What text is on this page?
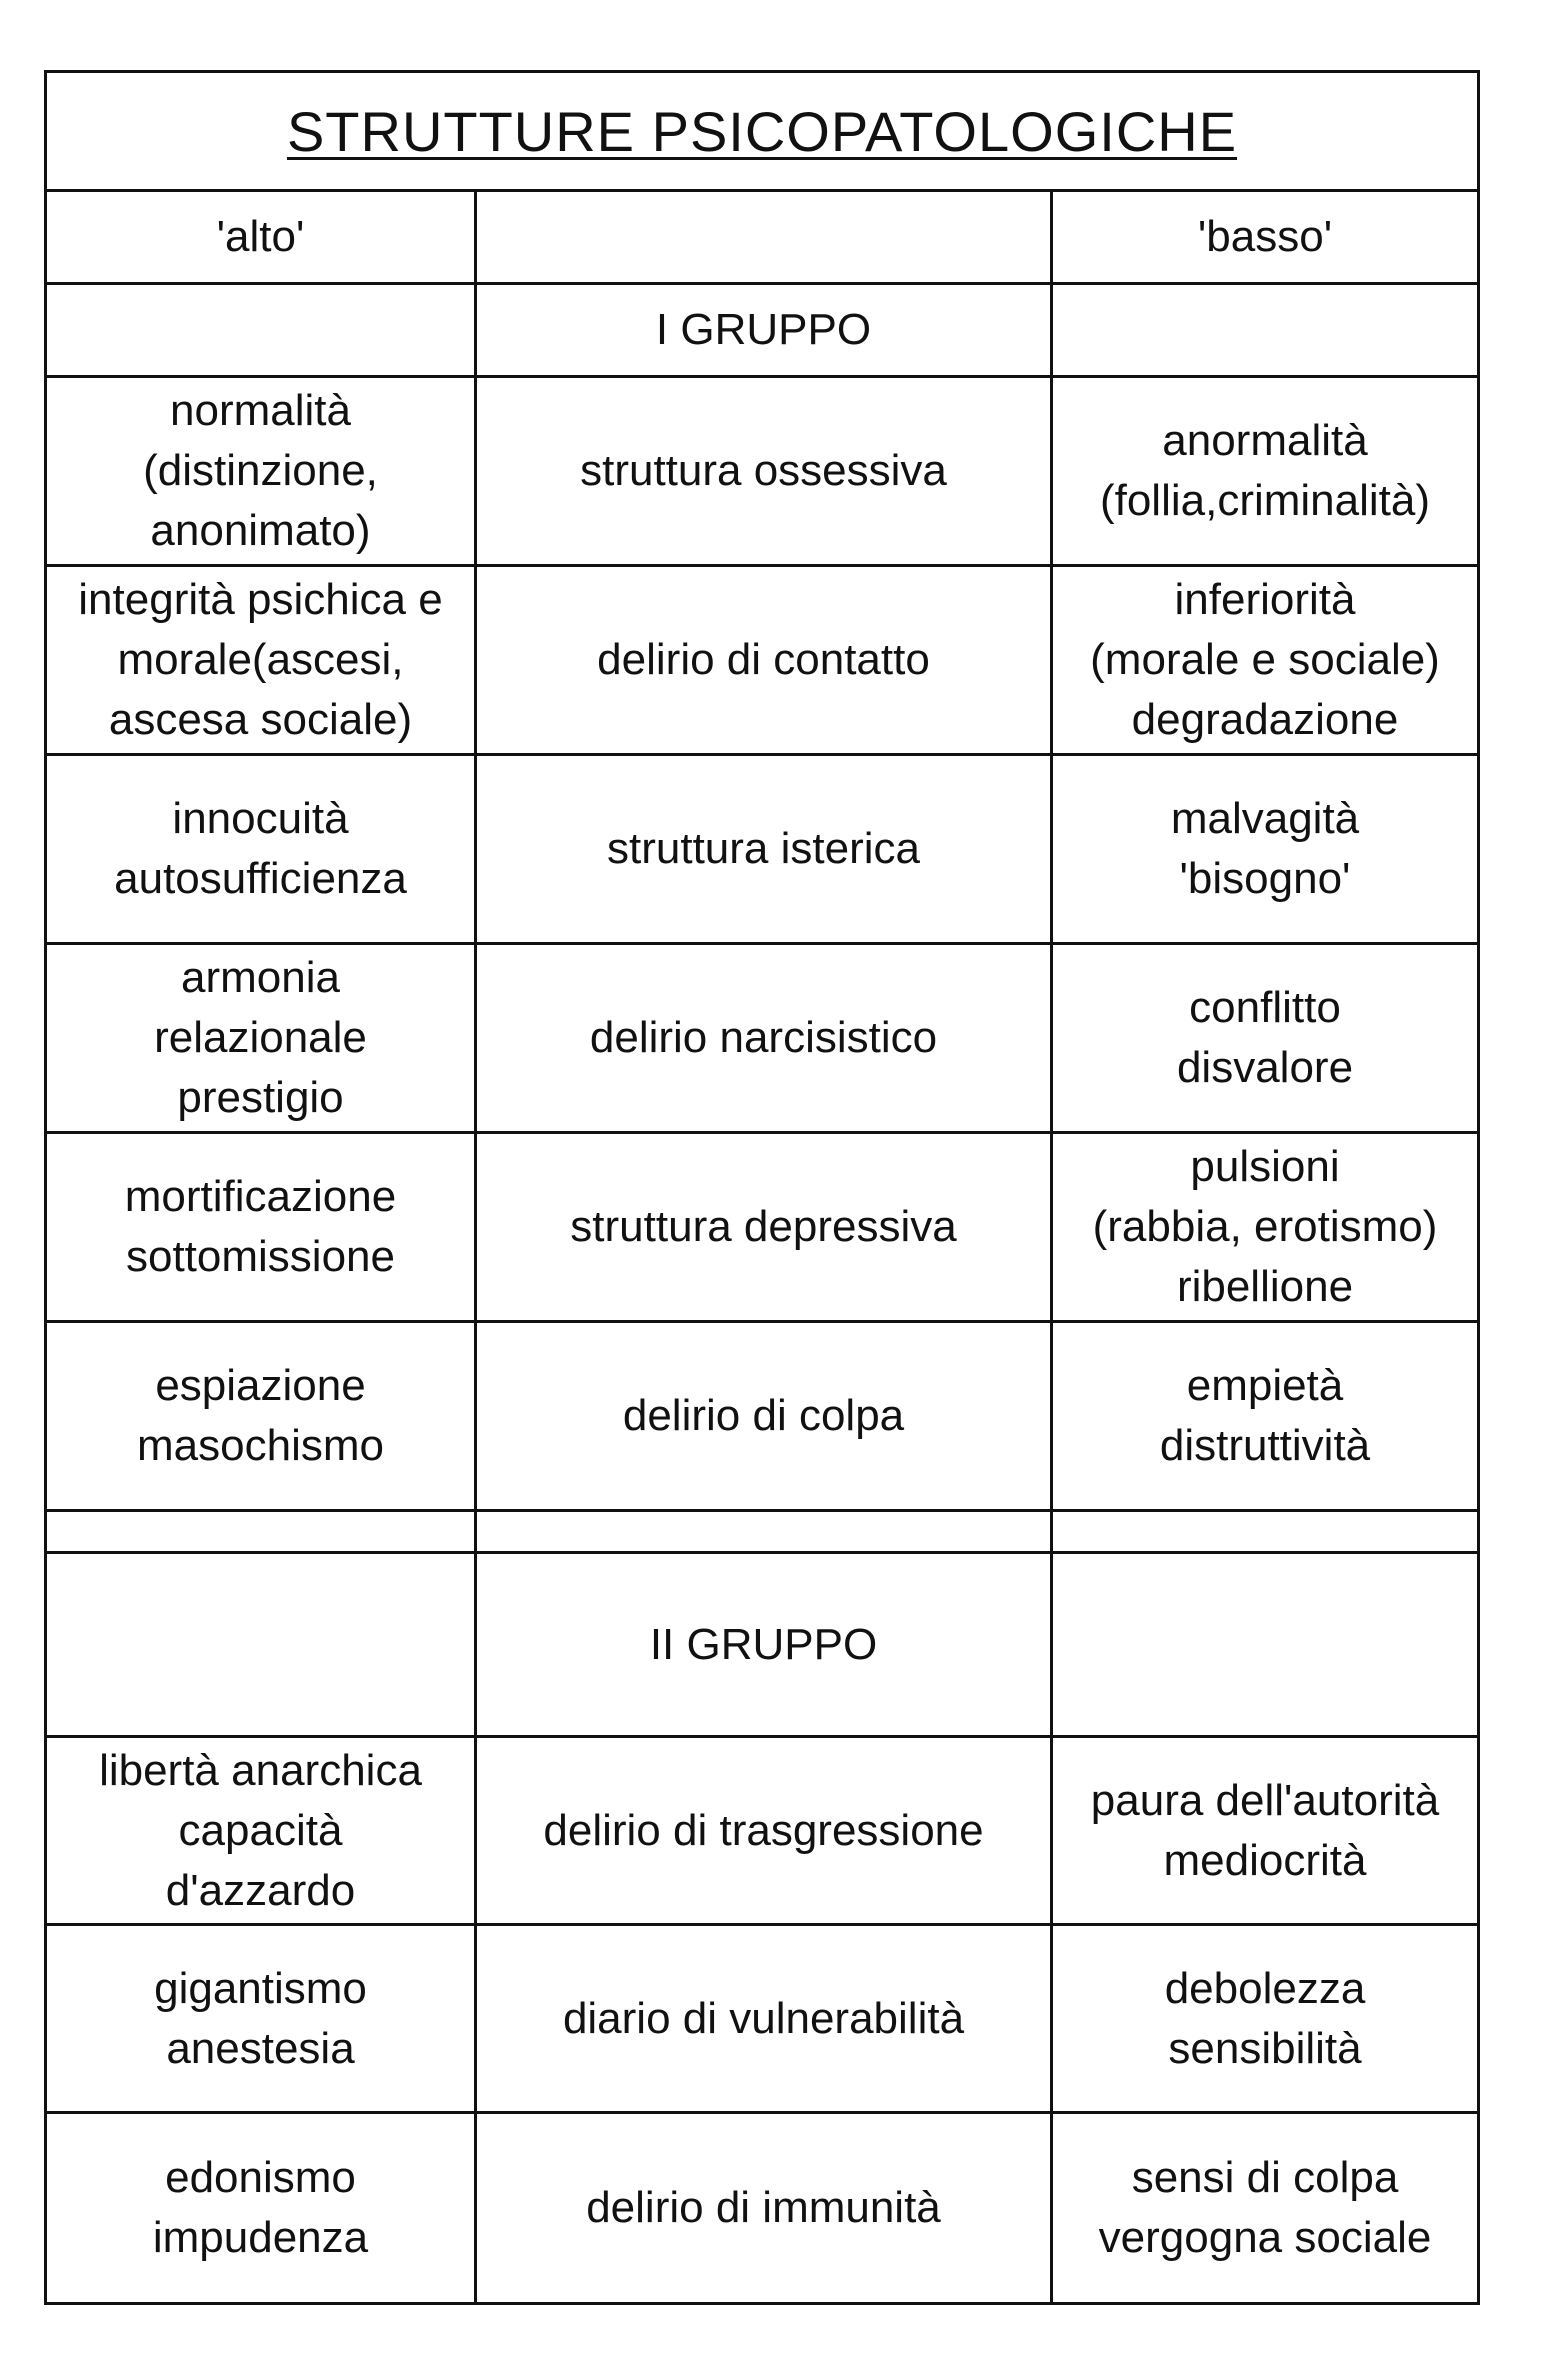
STRUTTURE PSICOPATOLOGICHE
'alto'	'basso'
I GRUPPO
normalità
(distinzione,
anonimato)
struttura ossessiva
anormalità
(follia,criminalità)
integrità psichica e
morale(ascesi,
ascesa sociale)
delirio di contatto
inferiorità
(morale e sociale)
degradazione
innocuità
autosufficienza
struttura isterica
malvagità
'bisogno'
armonia
relazionale
prestigio
delirio narcisistico
conflitto
disvalore
mortificazione
sottomissione
struttura depressiva
pulsioni
(rabbia, erotismo)
ribellione
espiazione
masochismo
delirio di colpa
empietà
distruttività
II GRUPPO
libertà anarchica
capacità
d'azzardo
delirio di trasgressione
paura dell'autorità
mediocrità
gigantismo
anestesia
diario di vulnerabilità
debolezza
sensibilità
edonismo
impudenza
delirio di immunità
sensi di colpa
vergogna sociale
